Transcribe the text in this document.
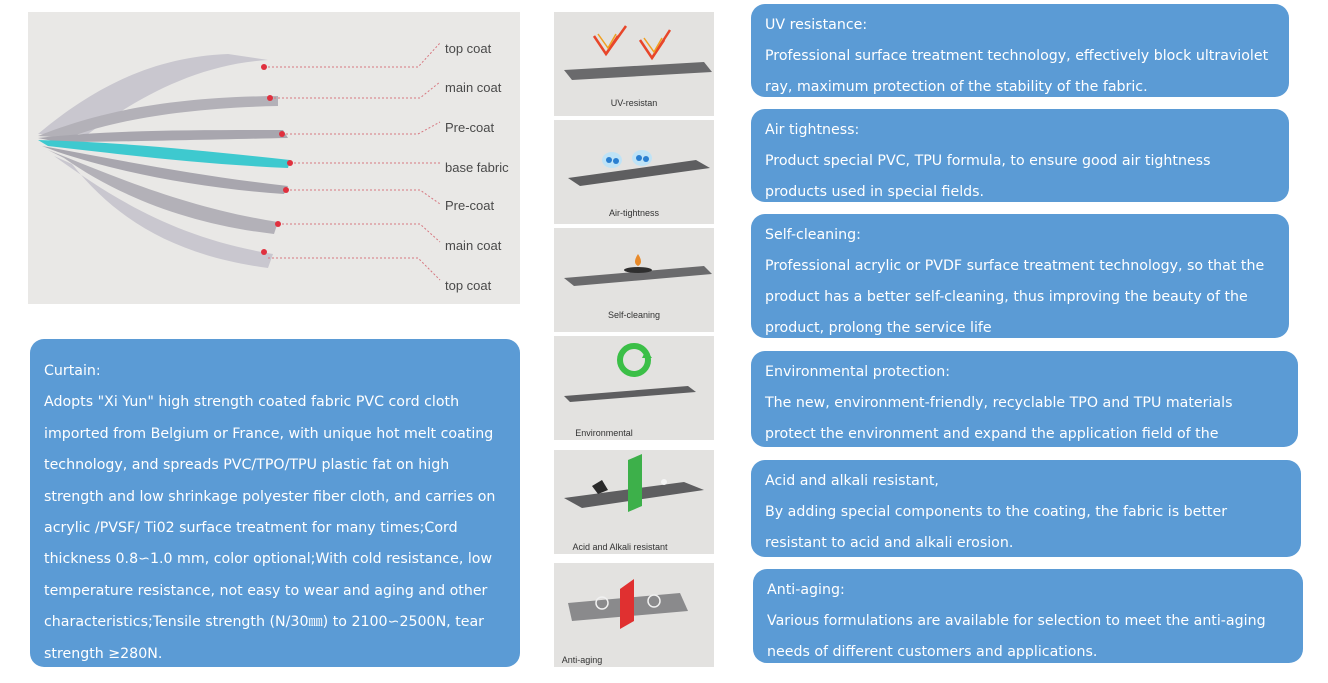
top coat
main coat
Pre-coat
base fabric
Pre-coat
main coat
top coat
Curtain:
Adopts "Xi Yun" high strength coated fabric PVC cord cloth imported from Belgium or France, with unique hot melt coating technology, and spreads PVC/TPO/TPU plastic fat on high strength and low shrinkage polyester fiber cloth, and carries on acrylic /PVSF/ Ti02 surface treatment for many times;Cord thickness 0.8∽1.0 mm, color optional;With cold resistance, low temperature resistance, not easy to wear and aging and other characteristics;Tensile strength (N/30㎜) to 2100∽2500N, tear strength ≥280N.
UV-resistan
Air-tightness
Self-cleaning
Environmental
Acid and Alkali resistant
Anti-aging
UV resistance:
Professional surface treatment technology, effectively block ultraviolet ray, maximum protection of the stability of the fabric.
Air tightness:
Product special PVC, TPU formula, to ensure good air tightness products used in special fields.
Self-cleaning:
Professional acrylic or PVDF surface treatment technology, so that the product has a better self-cleaning, thus improving the beauty of the product, prolong the service life
Environmental protection:
The new, environment-friendly, recyclable TPO and TPU materials protect the environment and expand the application field of the
Acid and alkali resistant,
By adding special components to the coating, the fabric is better resistant to acid and alkali erosion.
Anti-aging:
Various formulations are available for selection to meet the anti-aging needs of different customers and applications.
